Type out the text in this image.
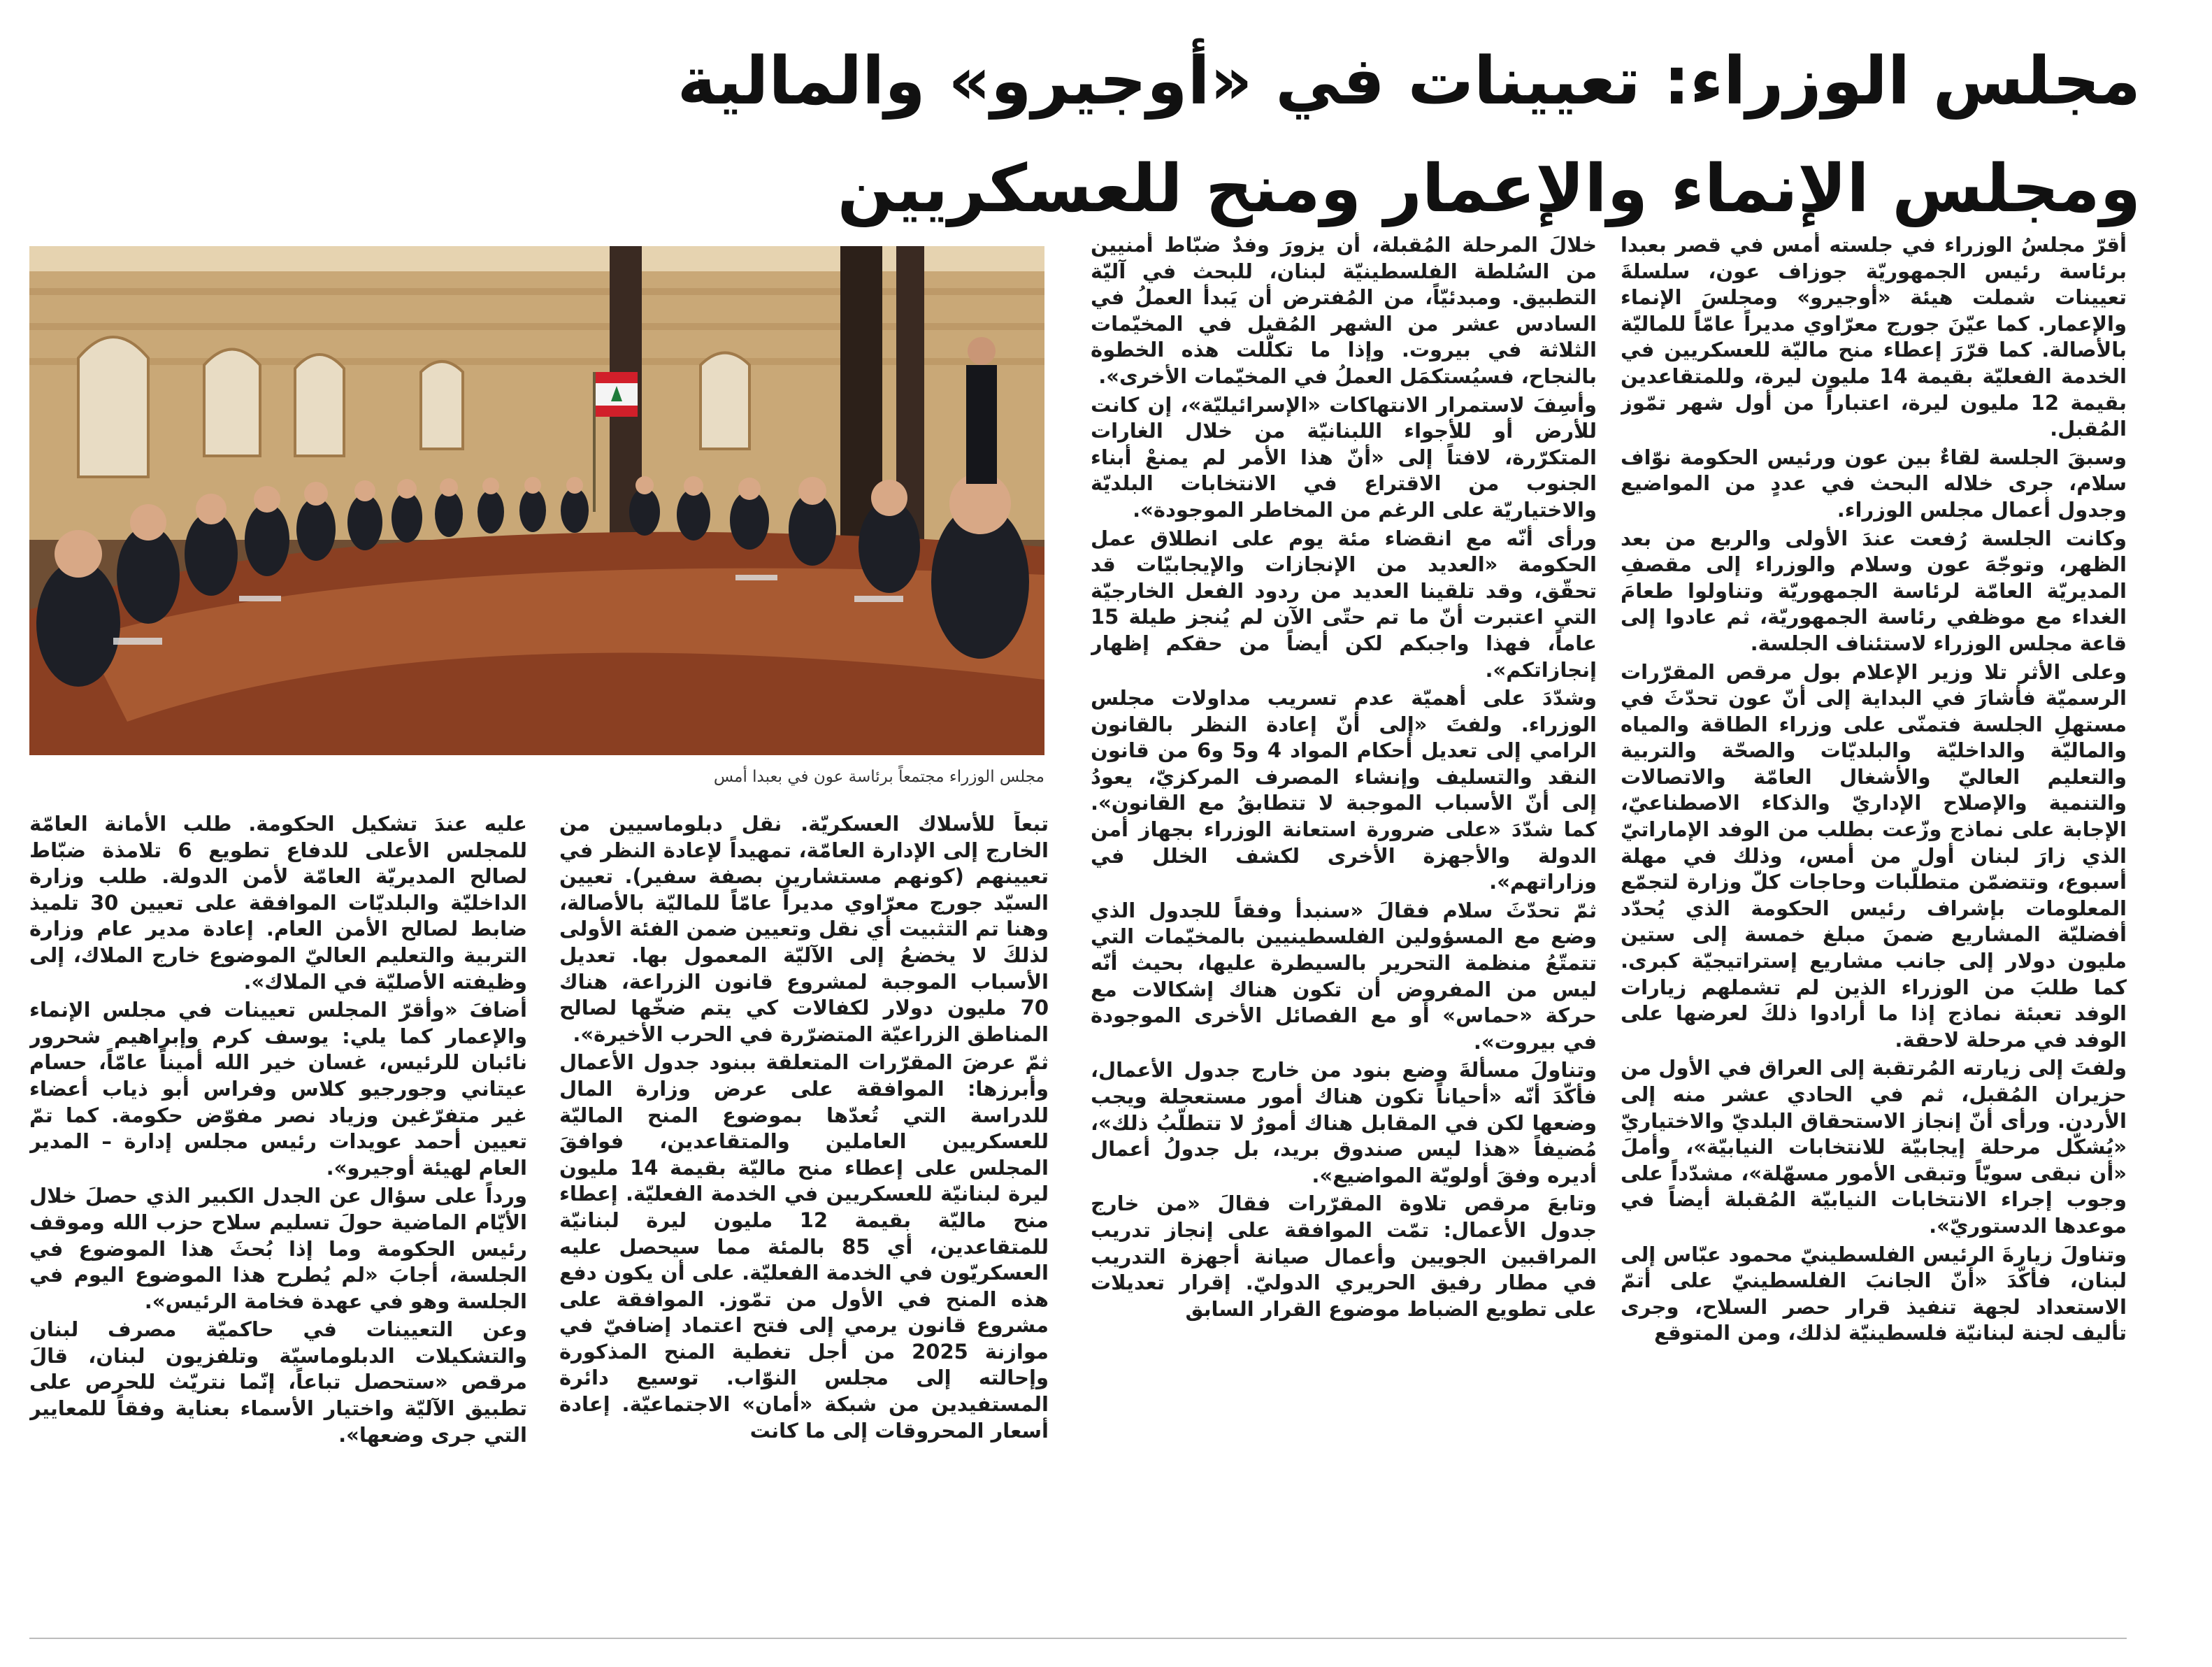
مجلس الوزراء: تعيينات في «أوجيرو» والمالية
ومجلس الإنماء والإعمار ومنح للعسكريين
مجلس الوزراء مجتمعاً برئاسة عون في بعبدا أمس

أقرّ مجلسُ الوزراء في جلسته أمس في قصر بعبدا برئاسة رئيس الجمهوريّة جوزاف عون، سلسلةَ تعيينات شملت هيئة «أوجيرو» ومجلسَ الإنماء والإعمار. كما عيّنَ جورج معرّاوي مديراً عامّاً للماليّة بالأصالة. كما قرّرَ إعطاء منح ماليّة للعسكريين في الخدمة الفعليّة بقيمة 14 مليون ليرة، وللمتقاعدين بقيمة 12 مليون ليرة، اعتباراً من أول شهر تمّوز المُقبل.

وسبقَ الجلسة لقاءٌ بين عون ورئيس الحكومة نوّاف سلام، جرى خلاله البحث في عددٍ من المواضيع وجدول أعمال مجلس الوزراء.

وكانت الجلسة رُفعت عندَ الأولى والربع من بعد الظهر، وتوجّهَ عون وسلام والوزراء إلى مقصفِ المديريّة العامّة لرئاسة الجمهوريّة وتناولوا طعامَ الغداء مع موظفي رئاسة الجمهوريّة، ثم عادوا إلى قاعة مجلس الوزراء لاستئناف الجلسة.

وعلى الأثر تلا وزير الإعلام بول مرقص المقرّرات الرسميّة فأشارَ في البداية إلى أنّ عون تحدّثَ في مستهلِ الجلسة فتمنّى على وزراء الطاقة والمياه والماليّة والداخليّة والبلديّات والصحّة والتربية والتعليم العاليّ والأشغال العامّة والاتصالات والتنمية والإصلاح الإداريّ والذكاء الاصطناعيّ، الإجابة على نماذج وزّعت بطلب من الوفد الإماراتيّ الذي زارَ لبنان أول من أمس، وذلك في مهلة أسبوع، وتتضمّن متطلّبات وحاجات كلّ وزارة لتجمّع المعلومات بإشراف رئيس الحكومة الذي يُحدّد أفضليّة المشاريع ضمنَ مبلغ خمسة إلى ستين مليون دولار إلى جانب مشاريع إستراتيجيّة كبرى. كما طلبَ من الوزراء الذين لم تشملهم زيارات الوفد تعبئة نماذج إذا ما أرادوا ذلكَ لعرضها على الوفد في مرحلة لاحقة.

ولفتَ إلى زيارته المُرتقبة إلى العراق في الأول من حزيران المُقبل، ثم في الحادي عشر منه إلى الأردن. ورأى أنّ إنجاز الاستحقاق البلديّ والاختياريّ «يُشكّل مرحلة إيجابيّة للانتخابات النيابيّة»، وأملَ «أن نبقى سويّاً وتبقى الأمور مسهّلة»، مشدّداً على وجوب إجراء الانتخابات النيابيّة المُقبلة أيضاً في موعدها الدستوريّ».

وتناولَ زيارةَ الرئيس الفلسطينيّ محمود عبّاس إلى لبنان، فأكّدَ «أنّ الجانبَ الفلسطينيّ على أتمّ الاستعداد لجهة تنفيذ قرار حصر السلاح، وجرى تأليف لجنة لبنانيّة فلسطينيّة لذلك، ومن المتوقع

خلالَ المرحلة المُقبلة، أن يزورَ وفدٌ ضبّاط أمنيين من السُلطة الفلسطينيّة لبنان، للبحث في آليّة التطبيق. ومبدئيّاً، من المُفترض أن يَبدأ العملُ في السادس عشر من الشهر المُقبل في المخيّمات الثلاثة في بيروت. وإذا ما تكلّلت هذه الخطوة بالنجاح، فسيُستكمَل العملُ في المخيّمات الأخرى».

وأسِفَ لاستمرار الانتهاكات «الإسرائيليّة»، إن كانت للأرض أو للأجواء اللبنانيّة من خلال الغارات المتكرّرة، لافتاً إلى «أنّ هذا الأمر لم يمنعْ أبناء الجنوب من الاقتراع في الانتخابات البلديّة والاختياريّة على الرغم من المخاطر الموجودة».

ورأى أنّه مع انقضاء مئة يوم على انطلاق عمل الحكومة «العديد من الإنجازات والإيجابيّات قد تحقّق، وقد تلقينا العديد من ردود الفعل الخارجيّة التي اعتبرت أنّ ما تم حتّى الآن لم يُنجز طيلة 15 عاماً، فهذا واجبكم لكن أيضاً من حقكم إظهار إنجازاتكم».

وشدّدَ على أهميّة عدم تسريب مداولات مجلس الوزراء. ولفتَ «إلى أنّ إعادة النظر بالقانون الرامي إلى تعديل أحكام المواد 4 و5 و6 من قانون النقد والتسليف وإنشاء المصرف المركزيّ، يعودُ إلى أنّ الأسباب الموجبة لا تتطابقُ مع القانون». كما شدّدَ «على ضرورة استعانة الوزراء بجهاز أمن الدولة والأجهزة الأخرى لكشف الخلل في وزاراتهم».

ثمّ تحدّثَ سلام فقالَ «سنبدأ وفقاً للجدول الذي وضع مع المسؤولين الفلسطينيين بالمخيّمات التي تتمتّعُ منظمة التحرير بالسيطرة عليها، بحيث أنّه ليس من المفروض أن تكون هناك إشكالات مع حركة «حماس» أو مع الفصائل الأخرى الموجودة في بيروت».

وتناولَ مسألةَ وضع بنود من خارج جدول الأعمال، فأكّدَ أنّه «أحياناً تكون هناك أمور مستعجلة ويجب وضعها لكن في المقابل هناك أمورٌ لا تتطلّبُ ذلك»، مُضيفاً «هذا ليس صندوق بريد، بل جدولُ أعمال أديره وفقَ أولويّة المواضيع».

وتابعَ مرقص تلاوة المقرّرات فقالَ «من خارج جدول الأعمال: تمّت الموافقة على إنجاز تدريب المراقبين الجويين وأعمال صيانة أجهزة التدريب في مطار رفيق الحريري الدوليّ. إقرار تعديلات على تطويع الضباط موضوع القرار السابق

تبعاً للأسلاك العسكريّة. نقل دبلوماسيين من الخارج إلى الإدارة العامّة، تمهيداً لإعادة النظر في تعيينهم (كونهم مستشارين بصفة سفير). تعيين السيّد جورج معرّاوي مديراً عامّاً للماليّة بالأصالة، وهنا تم التثبيت أي نقل وتعيين ضمن الفئة الأولى لذلكَ لا يخضعُ إلى الآليّة المعمول بها. تعديل الأسباب الموجبة لمشروع قانون الزراعة، هناك 70 مليون دولار لكفالات كي يتم ضخّها لصالح المناطق الزراعيّة المتضرّرة في الحرب الأخيرة».

ثمّ عرضَ المقرّرات المتعلقة ببنود جدول الأعمال وأبرزها: الموافقة على عرض وزارة المال للدراسة التي تُعدّها بموضوع المنح الماليّة للعسكريين العاملين والمتقاعدين، فوافقَ المجلس على إعطاء منح ماليّة بقيمة 14 مليون ليرة لبنانيّة للعسكريين في الخدمة الفعليّة. إعطاء منح ماليّة بقيمة 12 مليون ليرة لبنانيّة للمتقاعدين، أي 85 بالمئة مما سيحصل عليه العسكريّون في الخدمة الفعليّة. على أن يكون دفع هذه المنح في الأول من تمّوز. الموافقة على مشروع قانون يرمي إلى فتح اعتماد إضافيّ في موازنة 2025 من أجل تغطية المنح المذكورة وإحالته إلى مجلس النوّاب. توسيع دائرة المستفيدين من شبكة «أمان» الاجتماعيّة. إعادة أسعار المحروقات إلى ما كانت

عليه عندَ تشكيل الحكومة. طلب الأمانة العامّة للمجلس الأعلى للدفاع تطويع 6 تلامذة ضبّاط لصالح المديريّة العامّة لأمن الدولة. طلب وزارة الداخليّة والبلديّات الموافقة على تعيين 30 تلميذ ضابط لصالح الأمن العام. إعادة مدير عام وزارة التربية والتعليم العاليّ الموضوع خارج الملاك، إلى وظيفته الأصليّة في الملاك».

أضافَ «وأقرّ المجلس تعيينات في مجلس الإنماء والإعمار كما يلي: يوسف كرم وإبراهيم شحرور نائبان للرئيس، غسان خير الله أميناً عامّاً، حسام عيتاني وجورجيو كلاس وفراس أبو ذياب أعضاء غير متفرّغين وزياد نصر مفوّض حكومة. كما تمّ تعيين أحمد عويدات رئيس مجلس إدارة – المدير العام لهيئة أوجيرو».

ورداً على سؤال عن الجدل الكبير الذي حصلَ خلال الأيّام الماضية حولَ تسليم سلاح حزب الله وموقف رئيس الحكومة وما إذا بُحثَ هذا الموضوع في الجلسة، أجابَ «لم يُطرح هذا الموضوع اليوم في الجلسة وهو في عهدة فخامة الرئيس».

وعن التعيينات في حاكميّة مصرف لبنان والتشكيلات الدبلوماسيّة وتلفزيون لبنان، قالَ مرقص «ستحصل تباعاً، إنّما نتريّث للحرص على تطبيق الآليّة واختيار الأسماء بعناية وفقاً للمعايير التي جرى وضعها».
